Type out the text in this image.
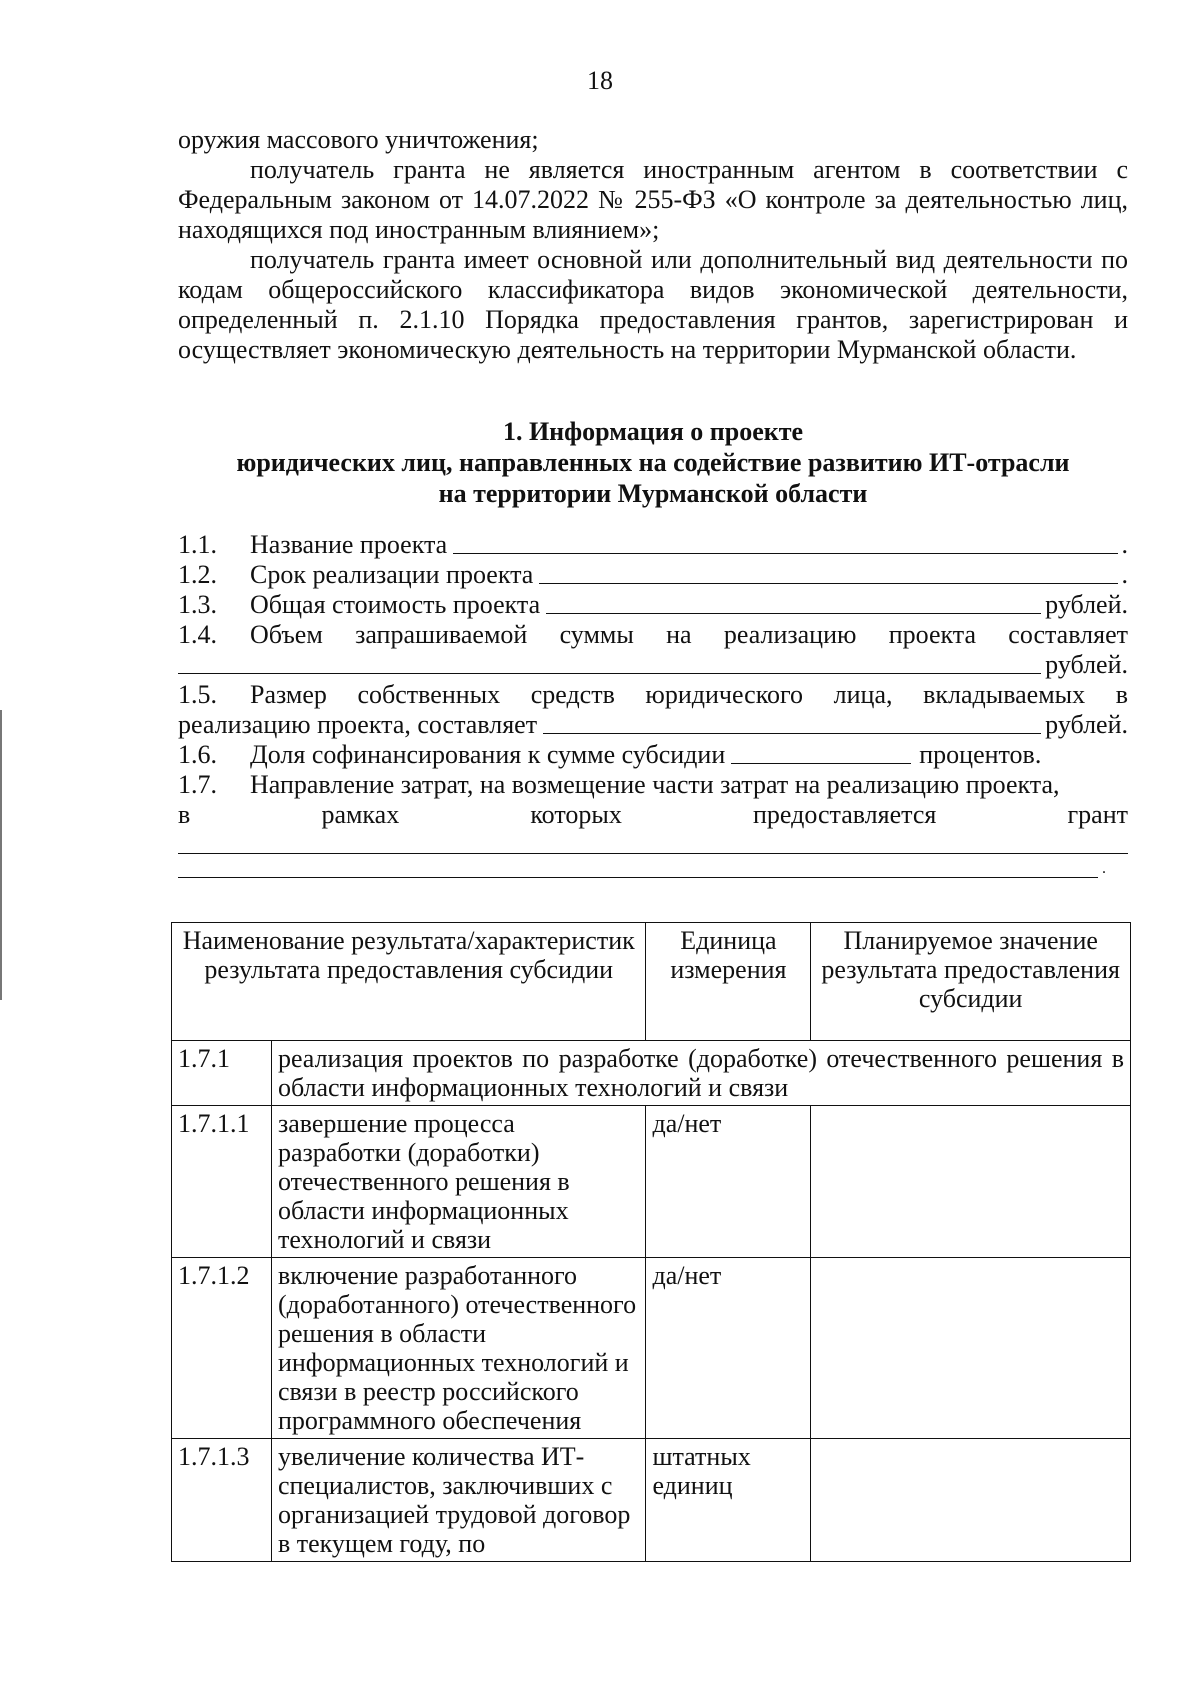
18

оружия массового уничтожения;

получатель гранта не является иностранным агентом в соответствии с Федеральным законом от 14.07.2022 № 255-ФЗ «О контроле за деятельностью лиц, находящихся под иностранным влиянием»;

получатель гранта имеет основной или дополнительный вид деятельности по кодам общероссийского классификатора видов экономической деятельности, определенный п. 2.1.10 Порядка предоставления грантов, зарегистрирован и осуществляет экономическую деятельность на территории Мурманской области.

1. Информация о проекте
юридических лиц, направленных на содействие развитию ИТ-отрасли
на территории Мурманской области
1.1.	Название проекта	.
1.2.	Срок реализации проекта	.
1.3.	Общая стоимость проекта	рублей.
1.4.	Объем запрашиваемой суммы на реализацию проекта составляет
рублей.
1.5.	Размер собственных средств юридического лица, вкладываемых в
реализацию проекта, составляет	рублей.
1.6.	Доля софинансирования к сумме субсидии	процентов.
1.7.	Направление затрат, на возмещение части затрат на реализацию проекта,
в	рамках	которых	предоставляется	грант
.
Наименование результата/характеристик результата предоставления субсидии		Единица измерения	Планируемое значение результата предоставления субсидии
1.7.1	реализация проектов по разработке (доработке) отечественного решения в области информационных технологий и связи		
1.7.1.1	завершение процесса разработки (доработки) отечественного решения в области информационных технологий и связи	да/нет	
1.7.1.2	включение разработанного (доработанного) отечественного решения в области информационных технологий и связи в реестр российского программного обеспечения	да/нет	
1.7.1.3	увеличение количества ИТ-специалистов, заключивших с организацией трудовой договор в текущем году, по	штатных единиц	
